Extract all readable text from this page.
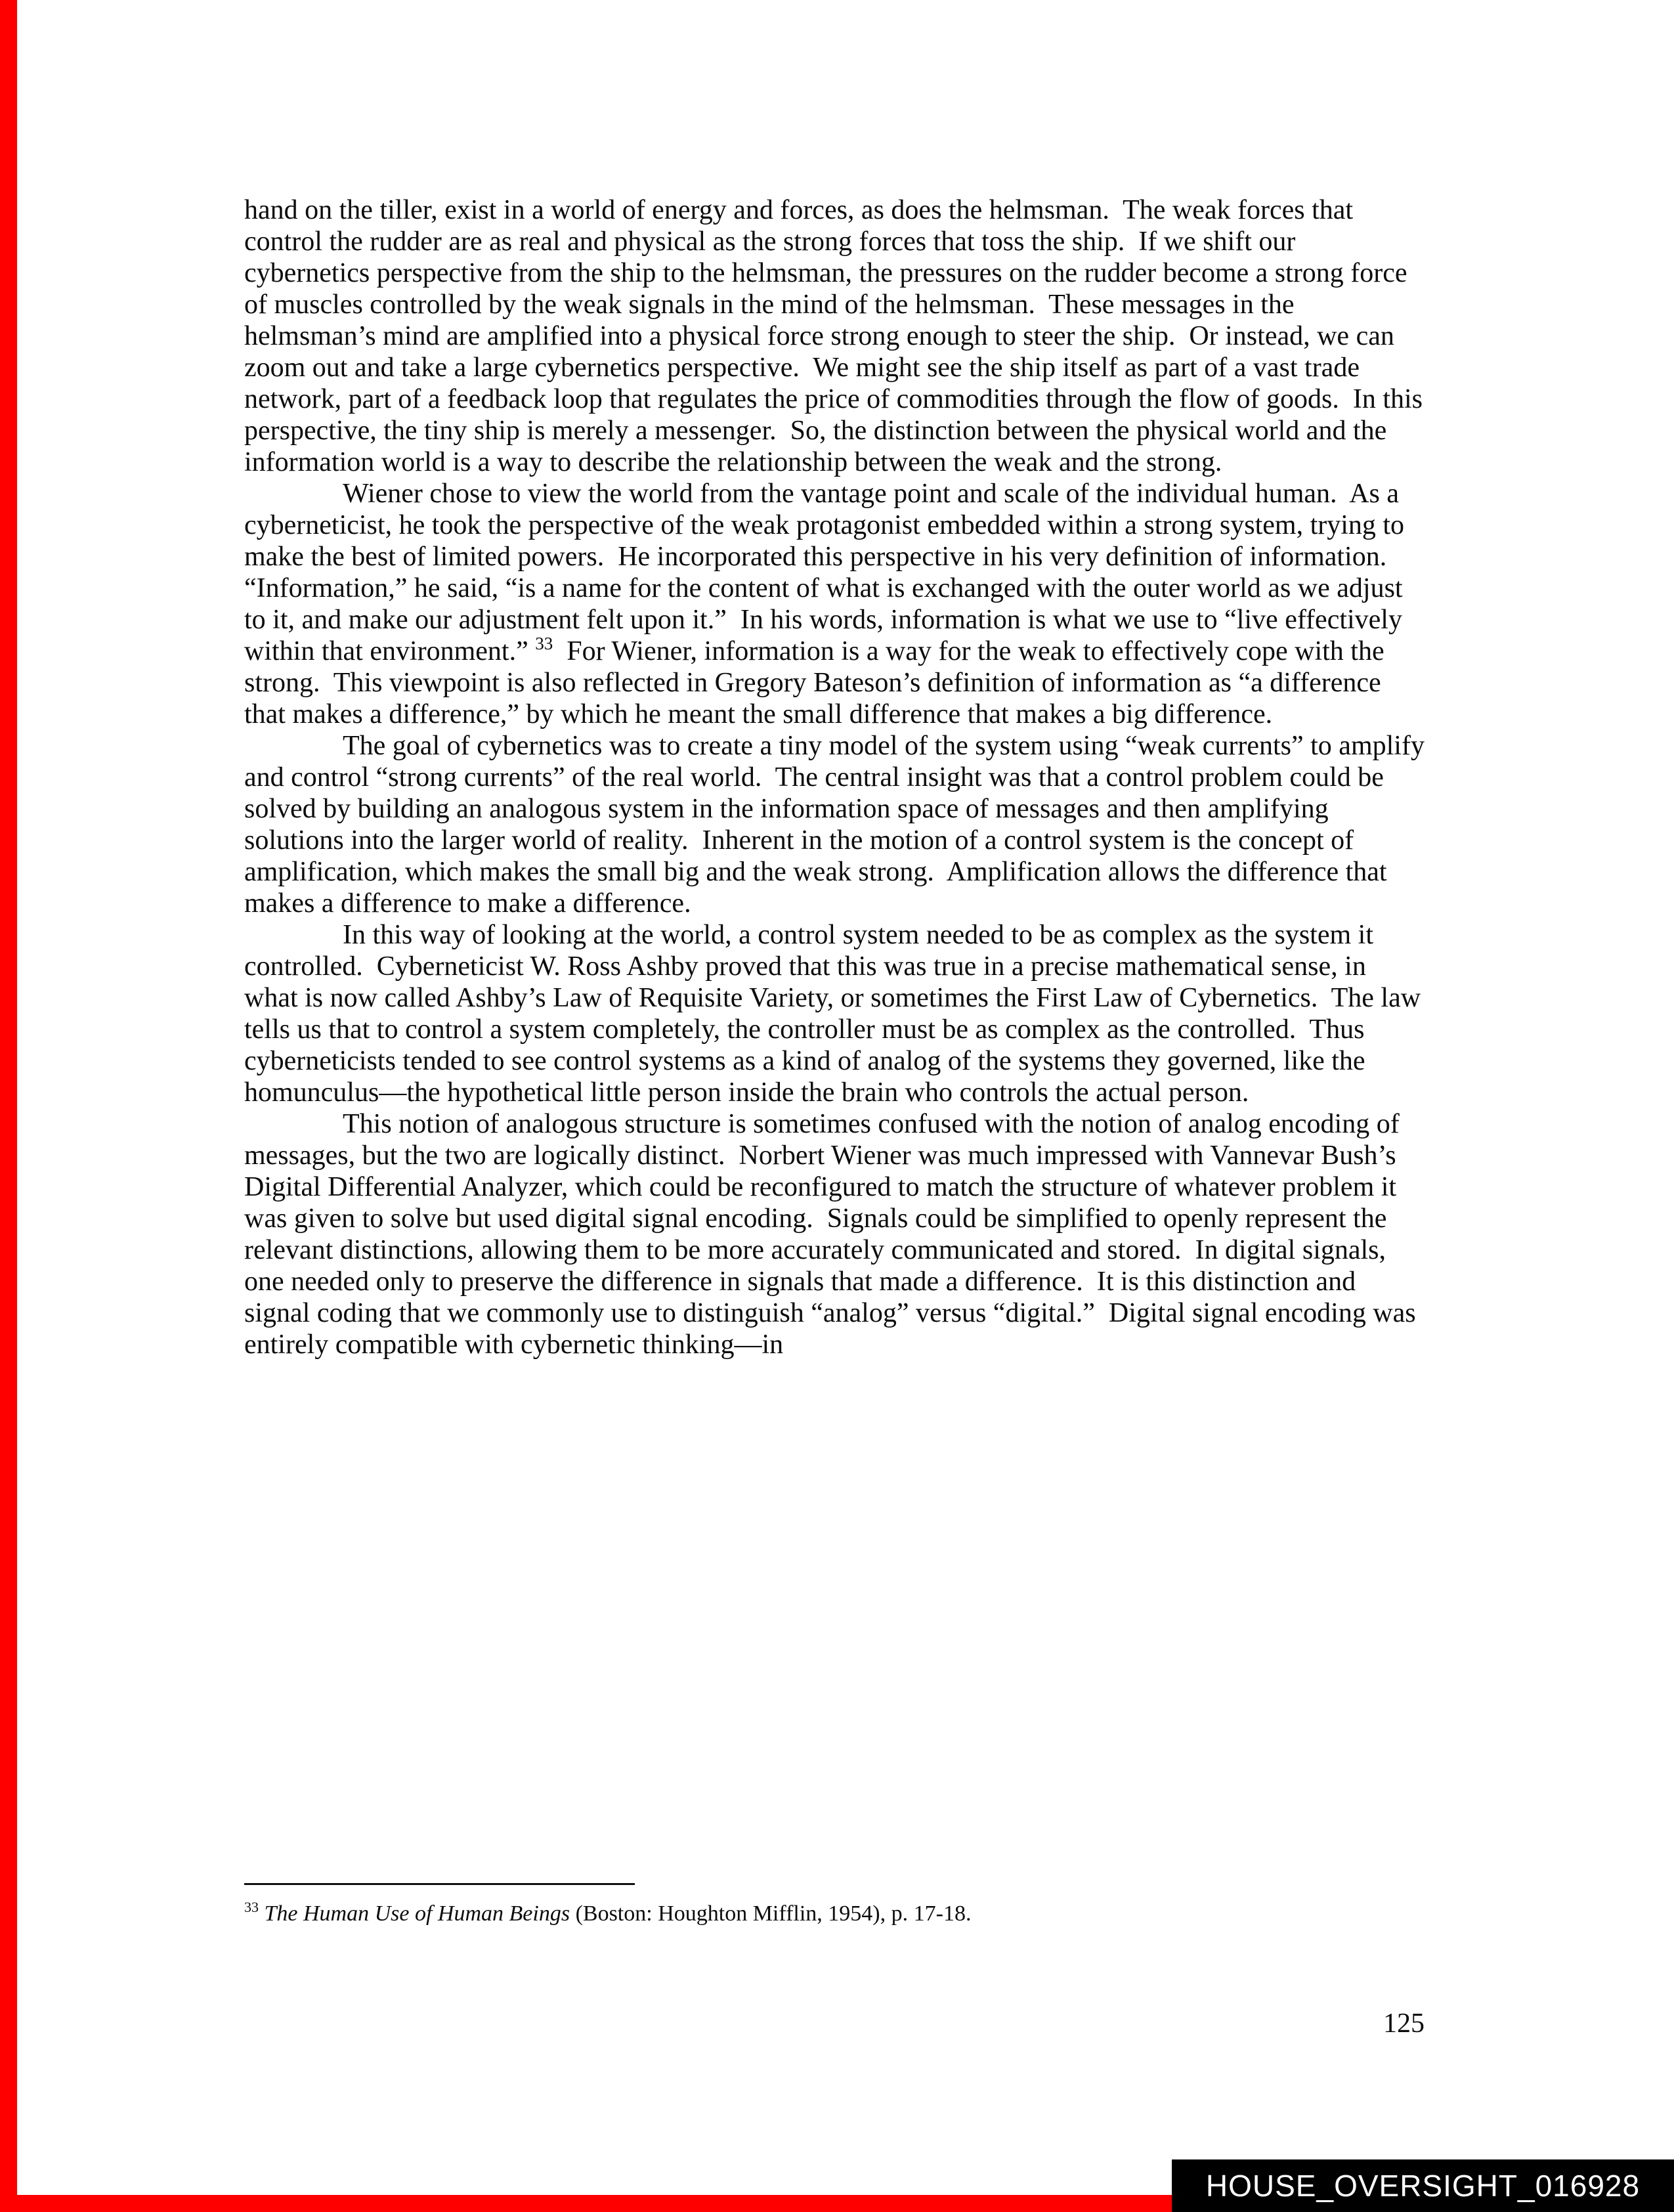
hand on the tiller, exist in a world of energy and forces, as does the helmsman.  The weak forces that control the rudder are as real and physical as the strong forces that toss the ship.  If we shift our cybernetics perspective from the ship to the helmsman, the pressures on the rudder become a strong force of muscles controlled by the weak signals in the mind of the helmsman.  These messages in the helmsman’s mind are amplified into a physical force strong enough to steer the ship.  Or instead, we can zoom out and take a large cybernetics perspective.  We might see the ship itself as part of a vast trade network, part of a feedback loop that regulates the price of commodities through the flow of goods.  In this perspective, the tiny ship is merely a messenger.  So, the distinction between the physical world and the information world is a way to describe the relationship between the weak and the strong.

Wiener chose to view the world from the vantage point and scale of the individual human.  As a cyberneticist, he took the perspective of the weak protagonist embedded within a strong system, trying to make the best of limited powers.  He incorporated this perspective in his very definition of information.  “Information,” he said, “is a name for the content of what is exchanged with the outer world as we adjust to it, and make our adjustment felt upon it.”  In his words, information is what we use to “live effectively within that environment.” $^{33}$  For Wiener, information is a way for the weak to effectively cope with the strong.  This viewpoint is also reflected in Gregory Bateson’s definition of information as “a difference that makes a difference,” by which he meant the small difference that makes a big difference.

The goal of cybernetics was to create a tiny model of the system using “weak currents” to amplify and control “strong currents” of the real world.  The central insight was that a control problem could be solved by building an analogous system in the information space of messages and then amplifying solutions into the larger world of reality.  Inherent in the motion of a control system is the concept of amplification, which makes the small big and the weak strong.  Amplification allows the difference that makes a difference to make a difference.

In this way of looking at the world, a control system needed to be as complex as the system it controlled.  Cyberneticist W. Ross Ashby proved that this was true in a precise mathematical sense, in what is now called Ashby’s Law of Requisite Variety, or sometimes the First Law of Cybernetics.  The law tells us that to control a system completely, the controller must be as complex as the controlled.  Thus cyberneticists tended to see control systems as a kind of analog of the systems they governed, like the homunculus—the hypothetical little person inside the brain who controls the actual person.

This notion of analogous structure is sometimes confused with the notion of analog encoding of messages, but the two are logically distinct.  Norbert Wiener was much impressed with Vannevar Bush’s Digital Differential Analyzer, which could be reconfigured to match the structure of whatever problem it was given to solve but used digital signal encoding.  Signals could be simplified to openly represent the relevant distinctions, allowing them to be more accurately communicated and stored.  In digital signals, one needed only to preserve the difference in signals that made a difference.  It is this distinction and signal coding that we commonly use to distinguish “analog” versus “digital.”  Digital signal encoding was entirely compatible with cybernetic thinking—in

$^{33}$ The Human Use of Human Beings (Boston: Houghton Mifflin, 1954), p. 17-18.
125
HOUSE_OVERSIGHT_016928
